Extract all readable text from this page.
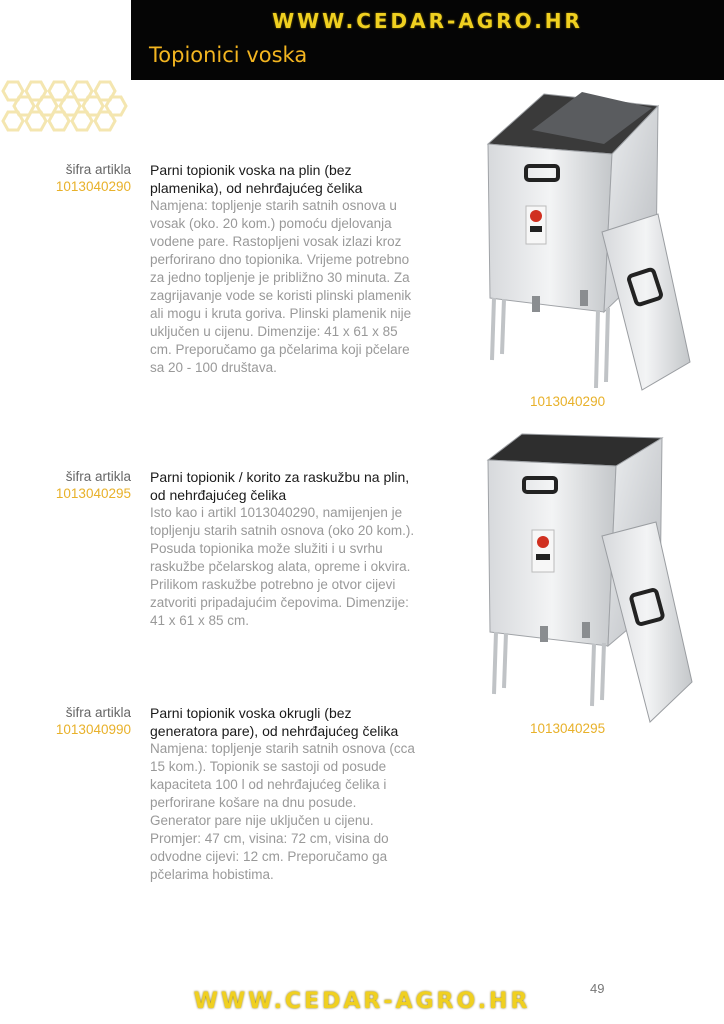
WWW.CEDAR-AGRO.HR
Topionici voska
šifra artikla
1013040290
Parni topionik voska na plin (bez plamenika), od nehrđajućeg čelika
Namjena: topljenje starih satnih osnova u vosak (oko. 20 kom.) pomoću djelovanja vodene pare. Rastopljeni vosak izlazi kroz perforirano dno topionika. Vrijeme potrebno za jedno topljenje je približno 30 minuta. Za zagrijavanje vode se koristi plinski plamenik ali mogu i kruta goriva. Plinski plamenik nije uključen u cijenu. Dimenzije: 41 x 61 x 85 cm. Preporučamo ga pčelarima koji pčelare sa 20 - 100 društava.
šifra artikla
1013040295
Parni topionik / korito za raskužbu na plin, od nehrđajućeg čelika
Isto kao i artikl 1013040290, namijenjen je topljenju starih satnih osnova (oko 20 kom.). Posuda topionika može služiti i u svrhu raskužbe pčelarskog alata, opreme i okvira. Prilikom raskužbe potrebno je otvor cijevi zatvoriti pripadajućim čepovima. Dimenzije: 41 x 61 x 85 cm.
šifra artikla
1013040990
Parni topionik voska okrugli (bez generatora pare), od nehrđajućeg čelika
Namjena: topljenje starih satnih osnova (cca 15 kom.). Topionik se sastoji od posude kapaciteta 100 l od nehrđajućeg čelika i perforirane košare na dnu posude. Generator pare nije uključen u cijenu. Promjer: 47 cm, visina: 72 cm, visina do odvodne cijevi: 12 cm. Preporučamo ga pčelarima hobistima.
1013040290
1013040295
49
WWW.CEDAR-AGRO.HR
